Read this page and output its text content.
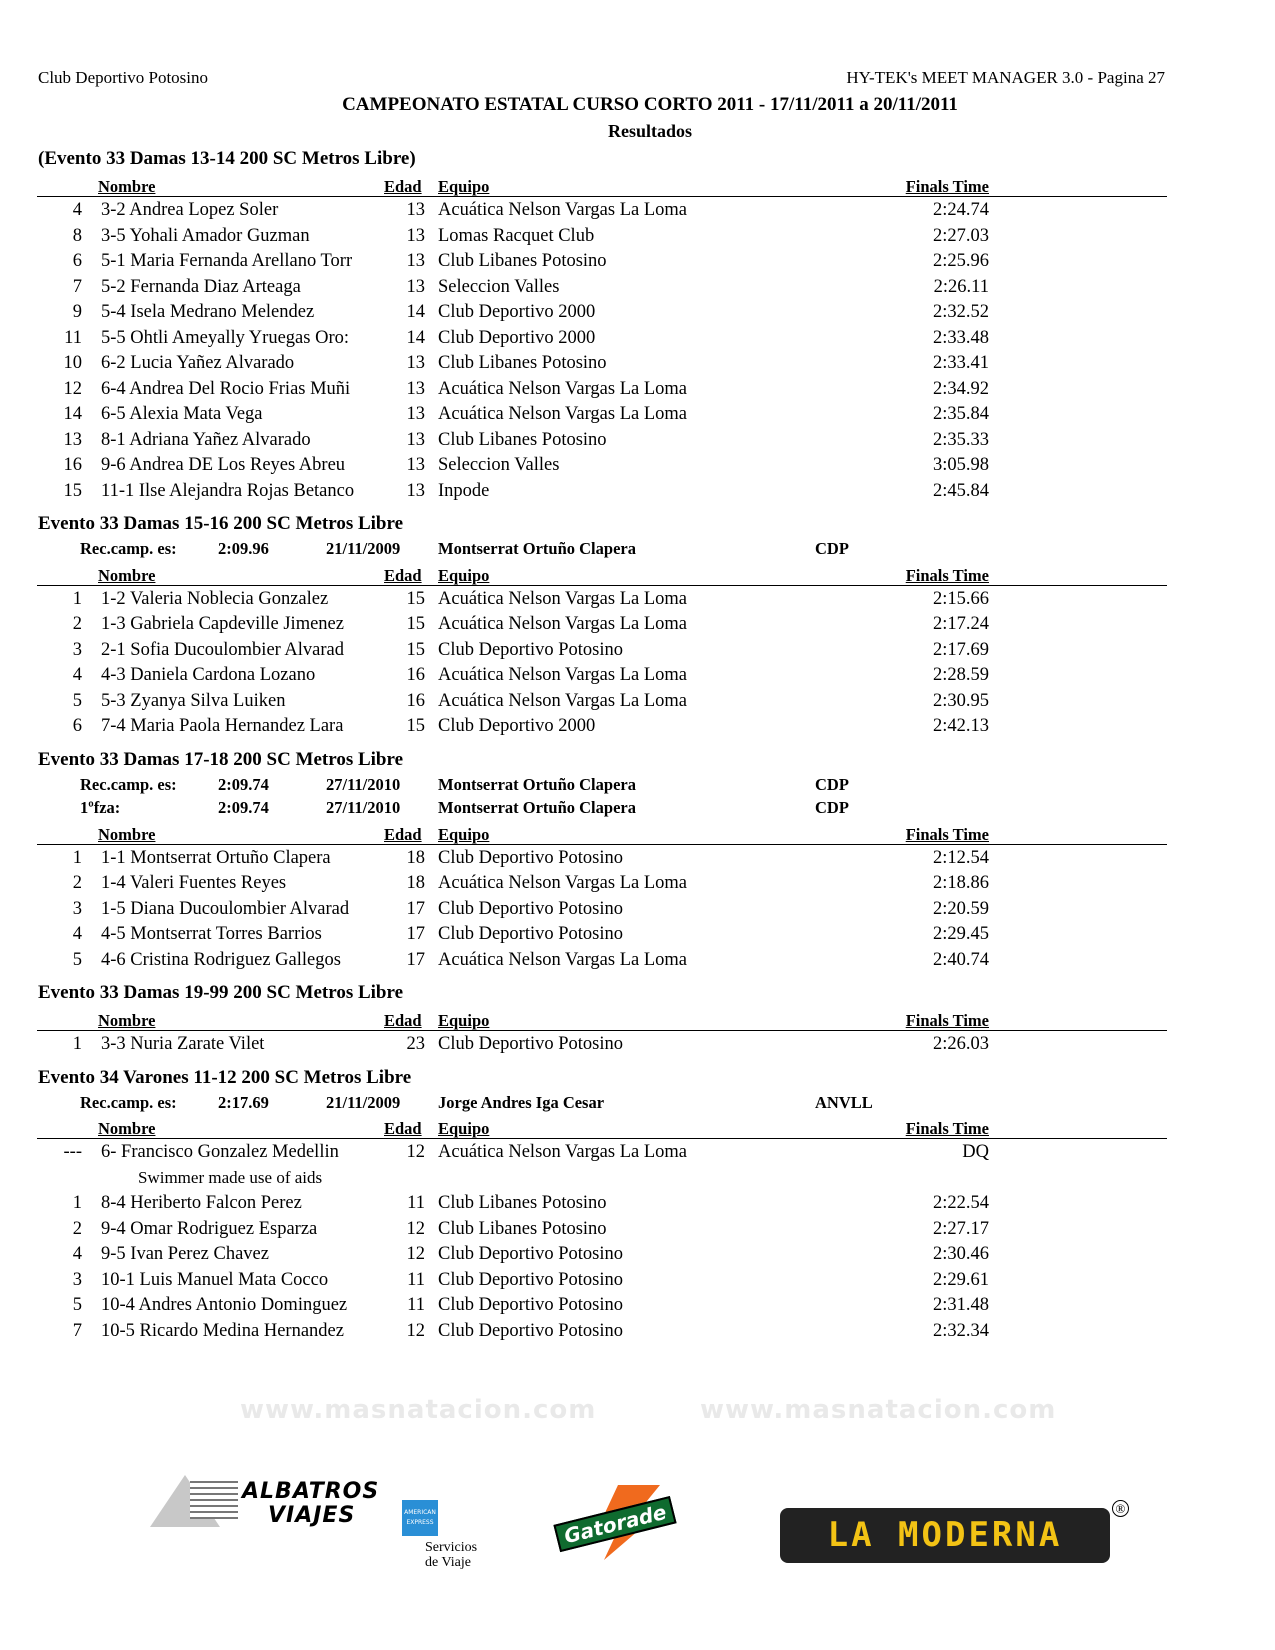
Club Deportivo Potosino	HY-TEK's MEET MANAGER 3.0 - Pagina 27
CAMPEONATO ESTATAL CURSO CORTO 2011 - 17/11/2011 a 20/11/2011
Resultados
(Evento 33 Damas 13-14 200 SC Metros Libre)
Nombre	Edad Equipo	Finals Time
4 3-2 Andrea Lopez Soler	13 Acuática Nelson Vargas La Loma	2:24.74
8 3-5 Yohali Amador Guzman	13 Lomas Racquet Club	2:27.03
6 5-1 Maria Fernanda Arellano Torr	13 Club Libanes Potosino	2:25.96
7 5-2 Fernanda Diaz Arteaga	13 Seleccion Valles	2:26.11
9 5-4 Isela Medrano Melendez	14 Club Deportivo 2000	2:32.52
11 5-5 Ohtli Ameyally Yruegas Oro:	14 Club Deportivo 2000	2:33.48
10 6-2 Lucia Yañez Alvarado	13 Club Libanes Potosino	2:33.41
12 6-4 Andrea Del Rocio Frias Muñi	13 Acuática Nelson Vargas La Loma	2:34.92
14 6-5 Alexia Mata Vega	13 Acuática Nelson Vargas La Loma	2:35.84
13 8-1 Adriana Yañez Alvarado	13 Club Libanes Potosino	2:35.33
16 9-6 Andrea DE Los Reyes Abreu	13 Seleccion Valles	3:05.98
15 11-1 Ilse Alejandra Rojas Betanco	13 Inpode	2:45.84
Evento 33 Damas 15-16 200 SC Metros Libre
Rec.camp. es:	2:09.96	21/11/2009 Montserrat Ortuño Clapera	CDP
Nombre	Edad Equipo	Finals Time
1 1-2 Valeria Noblecia Gonzalez	15 Acuática Nelson Vargas La Loma	2:15.66
2 1-3 Gabriela Capdeville Jimenez	15 Acuática Nelson Vargas La Loma	2:17.24
3 2-1 Sofia Ducoulombier Alvarad	15 Club Deportivo Potosino	2:17.69
4 4-3 Daniela Cardona Lozano	16 Acuática Nelson Vargas La Loma	2:28.59
5 5-3 Zyanya Silva Luiken	16 Acuática Nelson Vargas La Loma	2:30.95
6 7-4 Maria Paola Hernandez Lara	15 Club Deportivo 2000	2:42.13
Evento 33 Damas 17-18 200 SC Metros Libre
Rec.camp. es:	2:09.74	27/11/2010 Montserrat Ortuño Clapera	CDP
1ºfza:	2:09.74	27/11/2010 Montserrat Ortuño Clapera	CDP
Nombre	Edad Equipo	Finals Time
1 1-1 Montserrat Ortuño Clapera	18 Club Deportivo Potosino	2:12.54
2 1-4 Valeri Fuentes Reyes	18 Acuática Nelson Vargas La Loma	2:18.86
3 1-5 Diana Ducoulombier Alvarad	17 Club Deportivo Potosino	2:20.59
4 4-5 Montserrat Torres Barrios	17 Club Deportivo Potosino	2:29.45
5 4-6 Cristina Rodriguez Gallegos	17 Acuática Nelson Vargas La Loma	2:40.74
Evento 33 Damas 19-99 200 SC Metros Libre
Nombre	Edad Equipo	Finals Time
1 3-3 Nuria Zarate Vilet	23 Club Deportivo Potosino	2:26.03
Evento 34 Varones 11-12 200 SC Metros Libre
Rec.camp. es:	2:17.69	21/11/2009 Jorge Andres Iga Cesar	ANVLL
Nombre	Edad Equipo	Finals Time
--- 6- Francisco Gonzalez Medellin	12 Acuática Nelson Vargas La Loma	DQ
Swimmer made use of aids
1 8-4 Heriberto Falcon Perez	11 Club Libanes Potosino	2:22.54
2 9-4 Omar Rodriguez Esparza	12 Club Libanes Potosino	2:27.17
4 9-5 Ivan Perez Chavez	12 Club Deportivo Potosino	2:30.46
3 10-1 Luis Manuel Mata Cocco	11 Club Deportivo Potosino	2:29.61
5 10-4 Andres Antonio Dominguez	11 Club Deportivo Potosino	2:31.48
7 10-5 Ricardo Medina Hernandez	12 Club Deportivo Potosino	2:32.34
www.masnatacion.com	www.masnatacion.com
ALBATROS
VIAJES	AMERICAN EXPRESS
Servicios de Viaje
Gatorade	LA MODERNA
®
